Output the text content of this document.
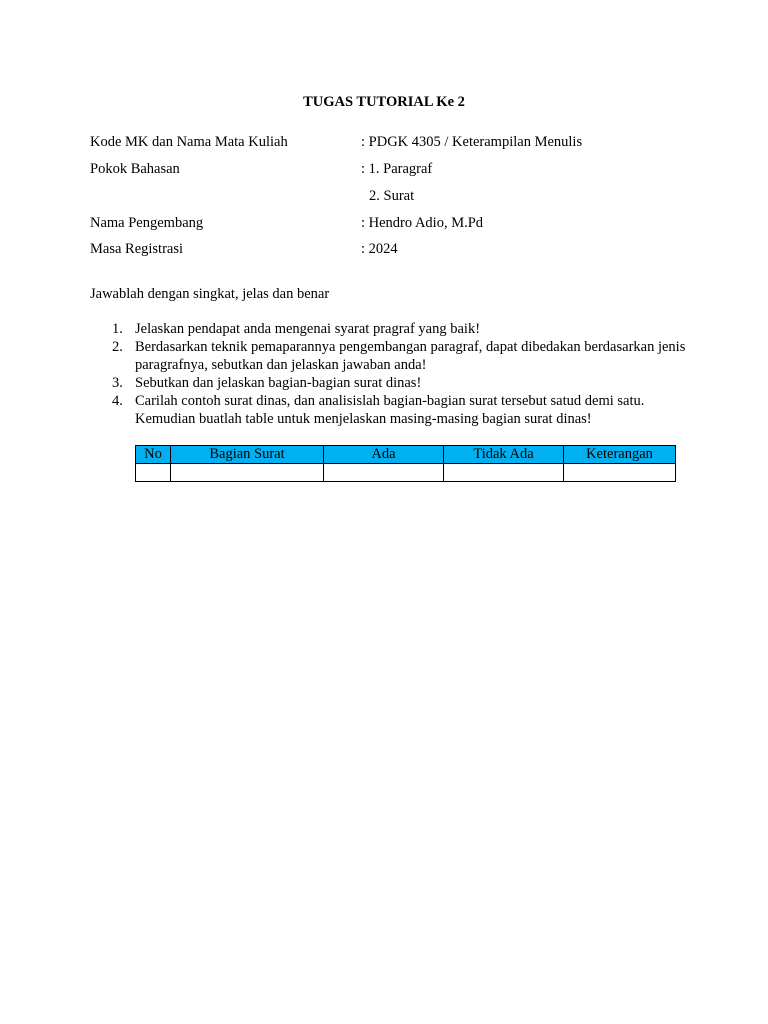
TUGAS TUTORIAL Ke 2
Kode MK dan Nama Mata Kuliah	: PDGK 4305 / Keterampilan Menulis
Pokok Bahasan	: 1. Paragraf
2. Surat
Nama Pengembang	: Hendro Adio, M.Pd
Masa Registrasi	: 2024
Jawablah dengan singkat, jelas dan benar
1. Jelaskan pendapat anda mengenai syarat pragraf yang baik!
2. Berdasarkan teknik pemaparannya pengembangan paragraf, dapat dibedakan berdasarkan jenis paragrafnya, sebutkan dan jelaskan jawaban anda!
3. Sebutkan dan jelaskan bagian-bagian surat dinas!
4. Carilah contoh surat dinas, dan analisislah bagian-bagian surat tersebut satud demi satu. Kemudian buatlah table untuk menjelaskan masing-masing bagian surat dinas!
No	Bagian Surat	Ada	Tidak Ada	Keterangan
